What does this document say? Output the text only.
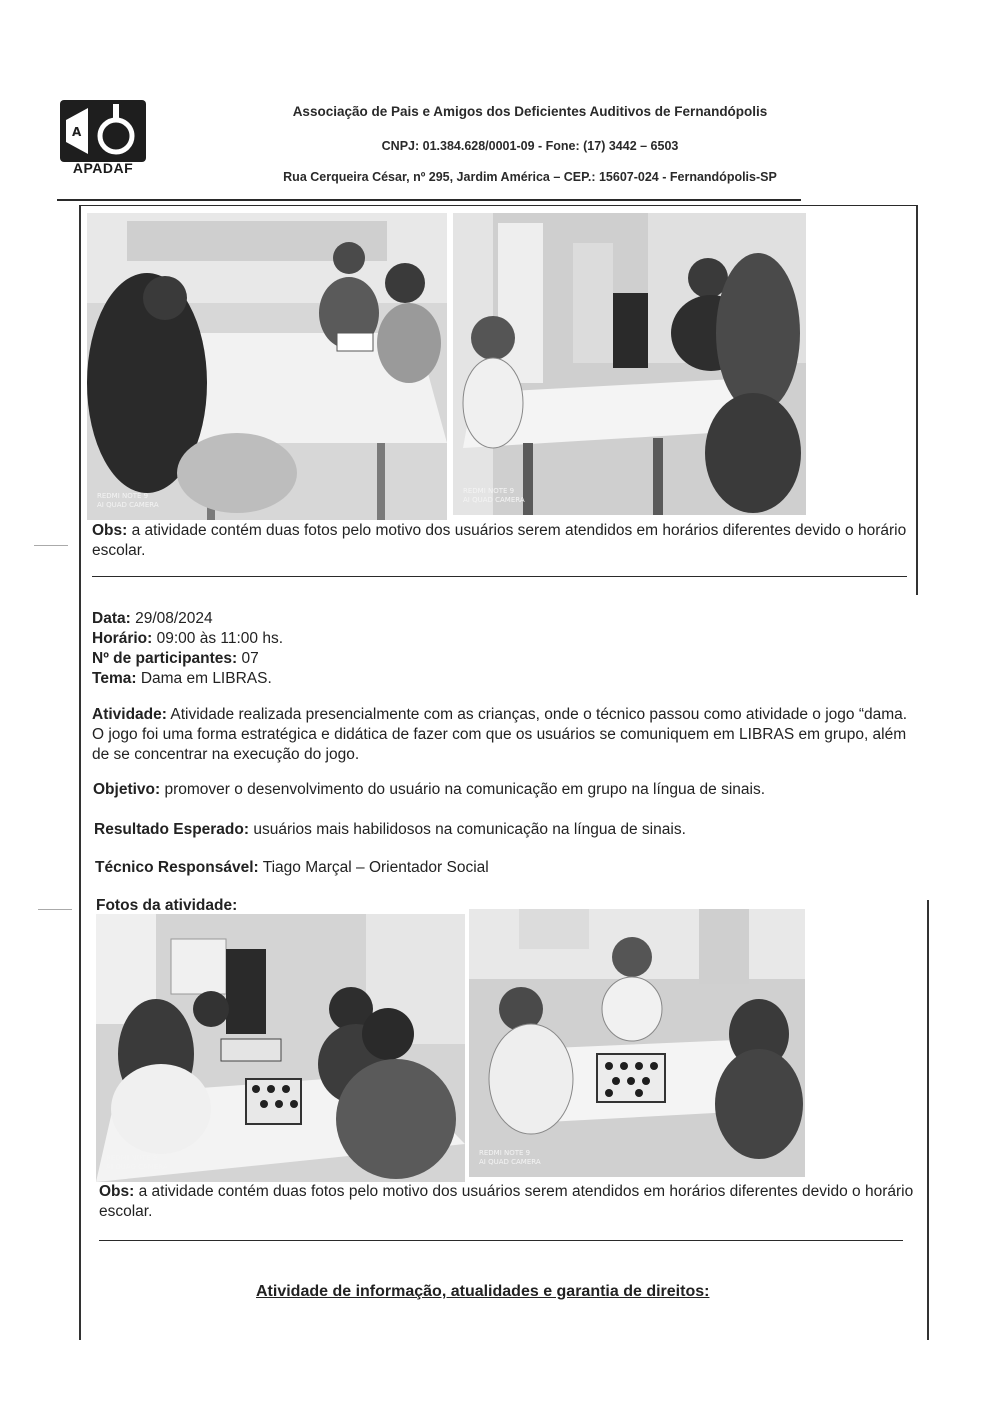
A
APADAF
Associação de Pais e Amigos dos Deficientes Auditivos de Fernandópolis
CNPJ: 01.384.628/0001-09 - Fone: (17) 3442 – 6503
Rua Cerqueira César, nº 295, Jardim América – CEP.: 15607-024 - Fernandópolis-SP
REDMI NOTE 9
AI QUAD CAMERA
REDMI NOTE 9
AI QUAD CAMERA
Obs: a atividade contém duas fotos pelo motivo dos usuários serem atendidos em horários diferentes devido o horário escolar.
Data: 29/08/2024
Horário: 09:00 às 11:00 hs.
Nº de participantes: 07
Tema: Dama em LIBRAS.
Atividade: Atividade realizada presencialmente com as crianças, onde o técnico passou como atividade o jogo “dama. O jogo foi uma forma estratégica e didática de fazer com que os usuários se comuniquem em LIBRAS em grupo, além de se concentrar na execução do jogo.
Objetivo: promover o desenvolvimento do usuário na comunicação em grupo na língua de sinais.
Resultado Esperado: usuários mais habilidosos na comunicação na língua de sinais.
Técnico Responsável: Tiago Marçal – Orientador Social
Fotos da atividade:
REDMI NOTE 9
AI QUAD CAMERA
REDMI NOTE 9
AI QUAD CAMERA
Obs: a atividade contém duas fotos pelo motivo dos usuários serem atendidos em horários diferentes devido o horário escolar.
Atividade de informação, atualidades e garantia de direitos:
